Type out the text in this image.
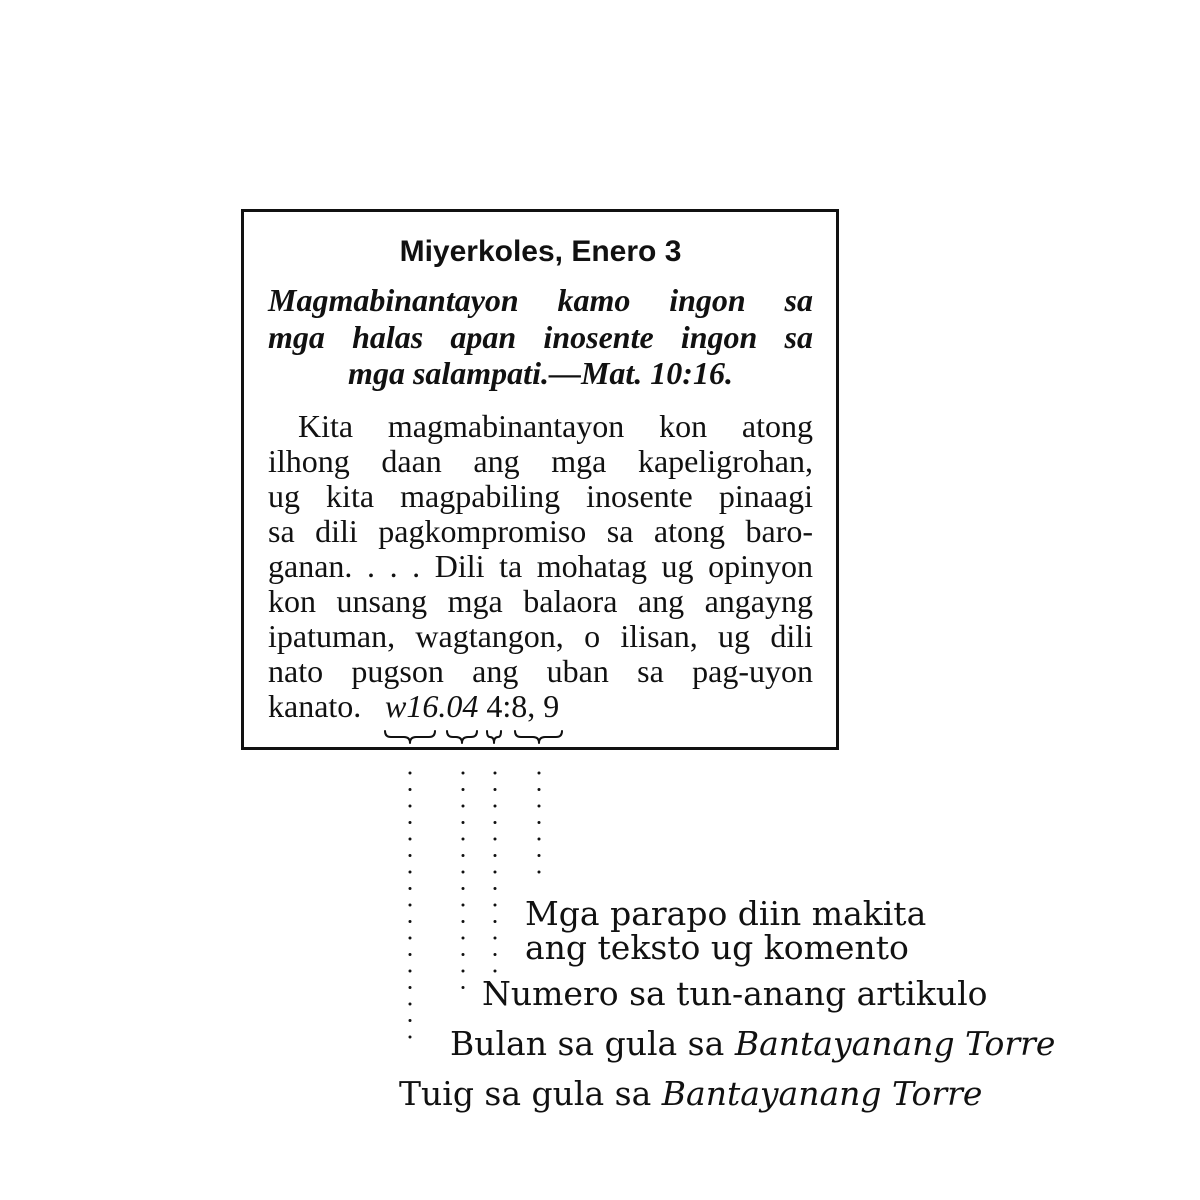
Miyerkoles, Enero 3
Magmabinantayon kamo ingon sa
mga halas apan inosente ingon sa
mga salampati.—Mat. 10:16.
Kita magmabinantayon kon atong
ilhong daan ang mga kapeligrohan,
ug kita magpabiling inosente pinaagi
sa dili pagkompromiso sa atong baro-
ganan. . . . Dili ta mohatag ug opinyon
kon unsang mga balaora ang angayng
ipatuman, wagtangon, o ilisan, ug dili
nato pugson ang uban sa pag-uyon
kanato. w16.04 4:8, 9
Mga parapo diin makita
ang teksto ug komento
Numero sa tun-anang artikulo
Bulan sa gula sa Bantayanang Torre
Tuig sa gula sa Bantayanang Torre
